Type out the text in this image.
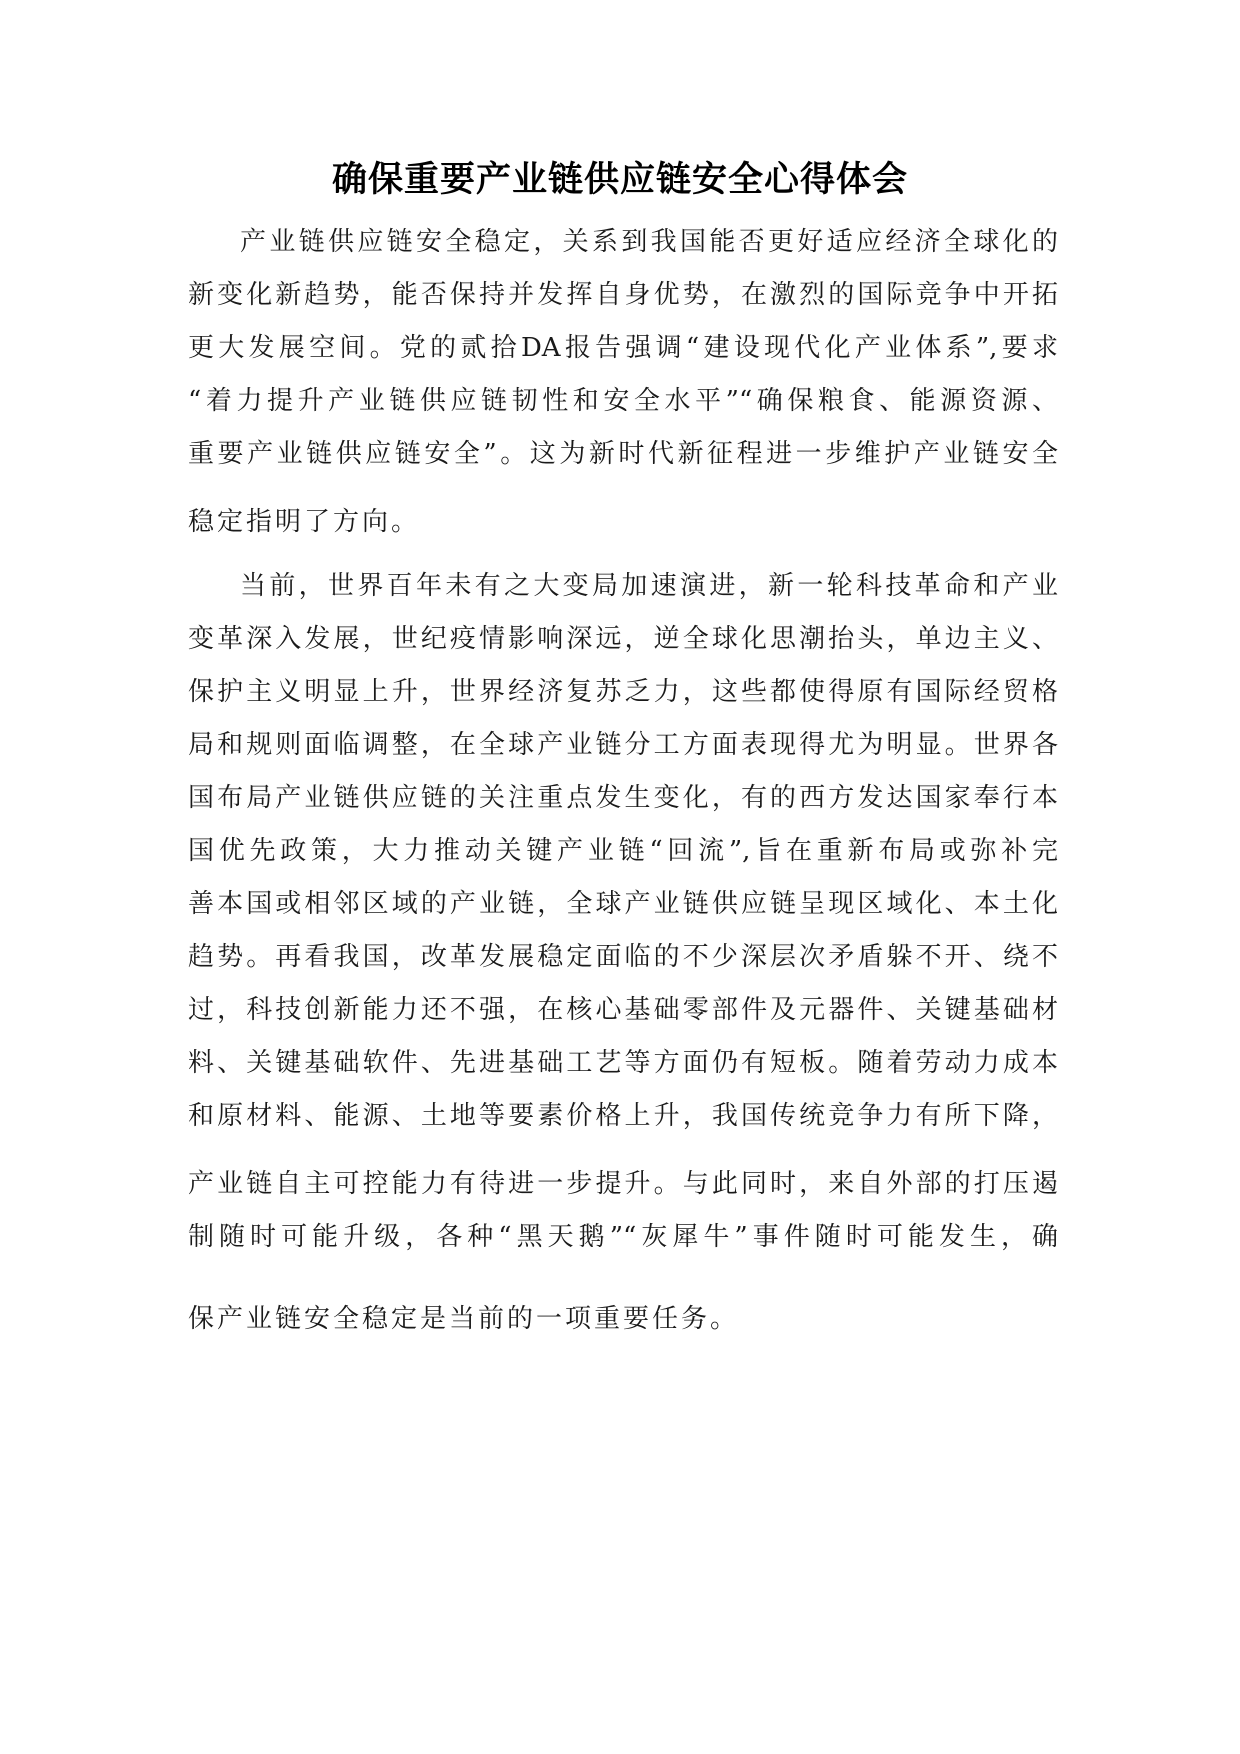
确保重要产业链供应链安全心得体会
产业链供应链安全稳定，关系到我国能否更好适应经济全球化的
新变化新趋势，能否保持并发挥自身优势，在激烈的国际竞争中开拓
更大发展空间。党的贰拾DA报告强调“建设现代化产业体系”,要求
“着力提升产业链供应链韧性和安全水平”“确保粮食、能源资源、
重要产业链供应链安全”。这为新时代新征程进一步维护产业链安全
稳定指明了方向。
当前，世界百年未有之大变局加速演进，新一轮科技革命和产业
变革深入发展，世纪疫情影响深远，逆全球化思潮抬头，单边主义、
保护主义明显上升，世界经济复苏乏力，这些都使得原有国际经贸格
局和规则面临调整，在全球产业链分工方面表现得尤为明显。世界各
国布局产业链供应链的关注重点发生变化，有的西方发达国家奉行本
国优先政策，大力推动关键产业链“回流”,旨在重新布局或弥补完
善本国或相邻区域的产业链，全球产业链供应链呈现区域化、本土化
趋势。再看我国，改革发展稳定面临的不少深层次矛盾躲不开、绕不
过，科技创新能力还不强，在核心基础零部件及元器件、关键基础材
料、关键基础软件、先进基础工艺等方面仍有短板。随着劳动力成本
和原材料、能源、土地等要素价格上升，我国传统竞争力有所下降，
产业链自主可控能力有待进一步提升。与此同时，来自外部的打压遏
制随时可能升级，各种“黑天鹅”“灰犀牛”事件随时可能发生，确
保产业链安全稳定是当前的一项重要任务。
